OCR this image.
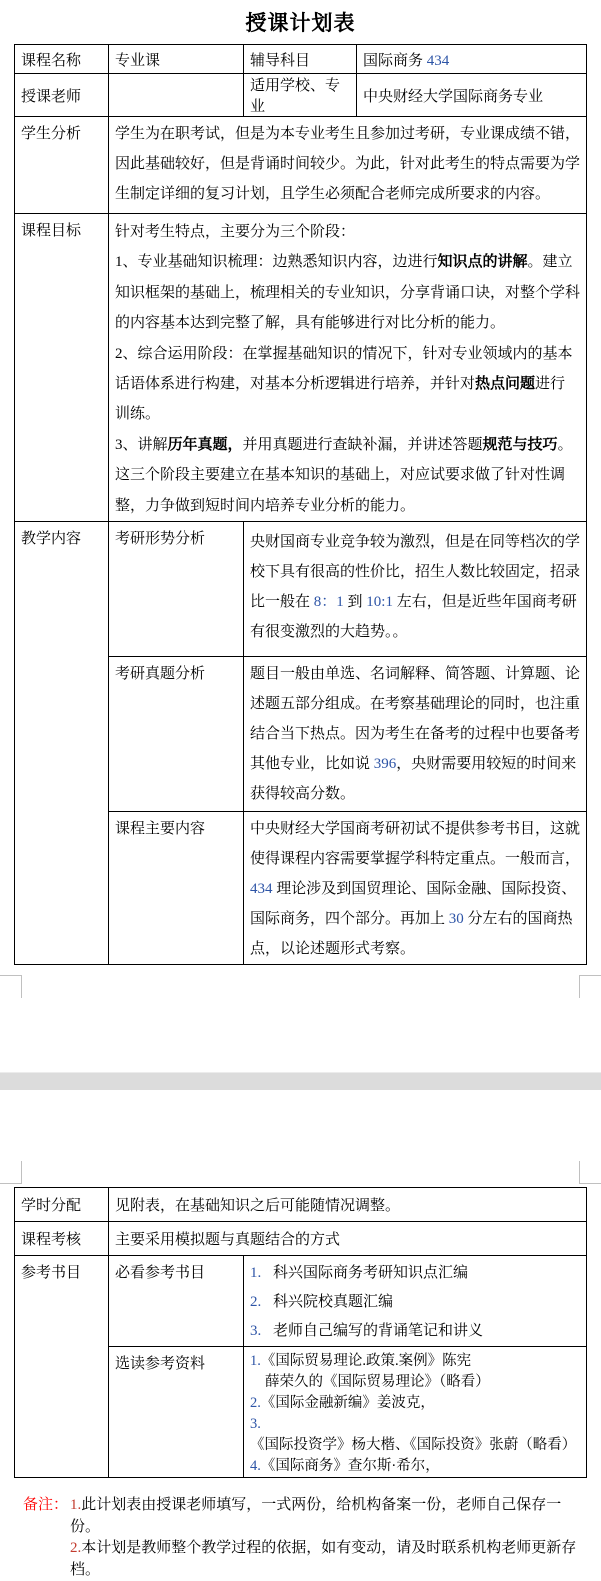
授课计划表
课程名称	专业课	辅导科目	国际商务 434
授课老师		适用学校、专业	中央财经大学国际商务专业
学生分析	学生为在职考试，但是为本专业考生且参加过考研，专业课成绩不错，因此基础较好，但是背诵时间较少。为此，针对此考生的特点需要为学生制定详细的复习计划，且学生必须配合老师完成所要求的内容。		
课程目标	针对考生特点，主要分为三个阶段：
1、专业基础知识梳理：边熟悉知识内容，边进行知识点的讲解。建立知识框架的基础上，梳理相关的专业知识，分享背诵口诀，对整个学科的内容基本达到完整了解，具有能够进行对比分析的能力。
2、综合运用阶段：在掌握基础知识的情况下，针对专业领域内的基本话语体系进行构建，对基本分析逻辑进行培养，并针对热点问题进行训练。
3、讲解历年真题，并用真题进行查缺补漏，并讲述答题规范与技巧。
这三个阶段主要建立在基本知识的基础上，对应试要求做了针对性调整，力争做到短时间内培养专业分析的能力。		

教学内容	考研形势分析	央财国商专业竞争较为激烈，但是在同等档次的学校下具有很高的性价比，招生人数比较固定，招录比一般在 8：1 到 10:1 左右，但是近些年国商考研有很变激烈的大趋势。。	
	考研真题分析	题目一般由单选、名词解释、简答题、计算题、论述题五部分组成。在考察基础理论的同时，也注重结合当下热点。因为考生在备考的过程中也要备考其他专业，比如说 396，央财需要用较短的时间来获得较高分数。	
	课程主要内容	中央财经大学国商考研初试不提供参考书目，这就使得课程内容需要掌握学科特定重点。一般而言，434 理论涉及到国贸理论、国际金融、国际投资、国际商务，四个部分。再加上 30 分左右的国商热点，以论述题形式考察。	
学时分配	见附表，在基础知识之后可能随情况调整。	
课程考核	主要采用模拟题与真题结合的方式	
参考书目	必看参考书目	1. 科兴国际商务考研知识点汇编
2. 科兴院校真题汇编
3. 老师自己编写的背诵笔记和讲义

	选读参考资料	1.《国际贸易理论.政策.案例》陈宪
薛荣久的《国际贸易理论》（略看）
2.《国际金融新编》姜波克，
3.《国际投资学》杨大楷、《国际投资》张蔚（略看）
4.《国际商务》查尔斯·希尔，
备注： 1.此计划表由授课老师填写，一式两份，给机构备案一份，老师自己保存一份。
2.本计划是教师整个教学过程的依据，如有变动，请及时联系机构老师更新存档。
